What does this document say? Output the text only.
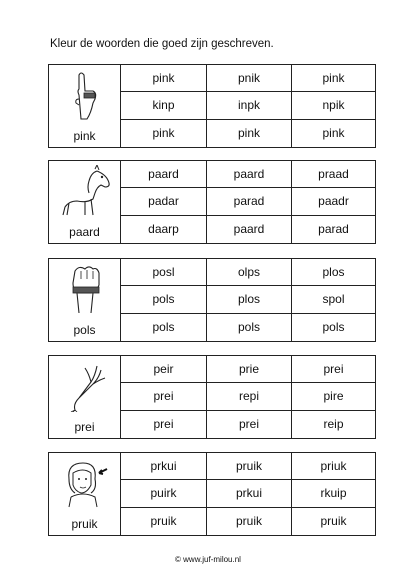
Kleur de woorden die goed zijn geschreven.
pink
pink	pnik	pink
kinp	inpk	npik
pink	pink	pink
paard
paard	paard	praad
padar	parad	paadr
daarp	paard	parad
pols
posl	olps	plos
pols	plos	spol
pols	pols	pols
prei
peir	prie	prei
prei	repi	pire
prei	prei	reip
pruik
prkui	pruik	priuk
puirk	prkui	rkuip
pruik	pruik	pruik
© www.juf-milou.nl
